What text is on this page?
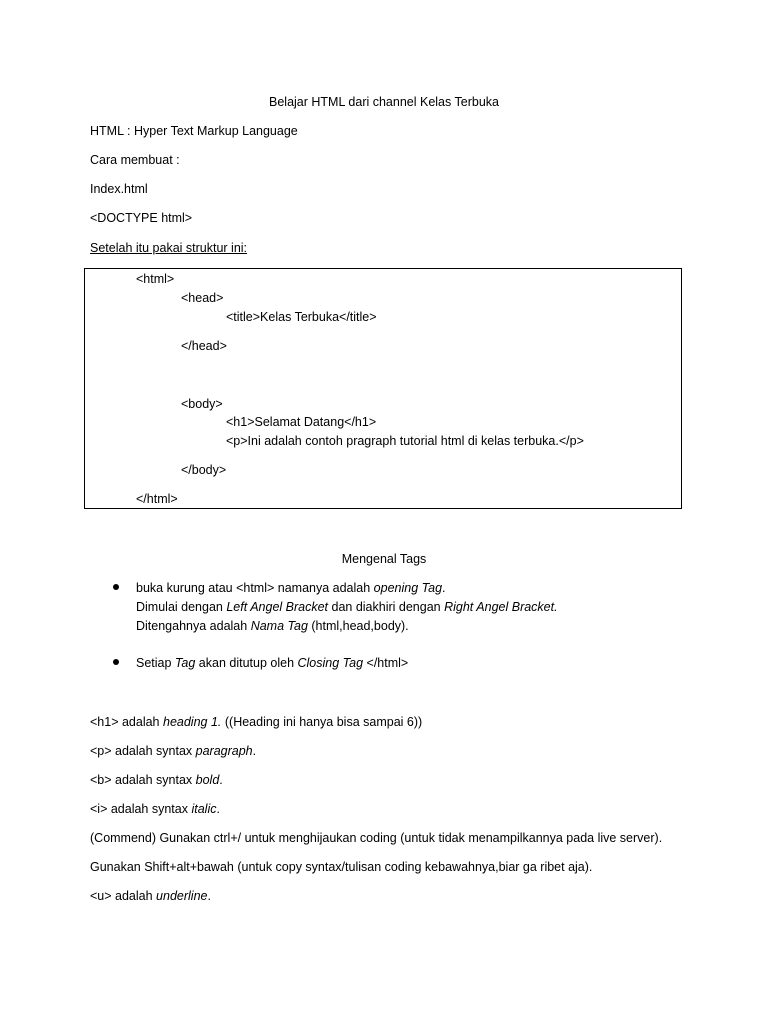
Belajar HTML dari channel Kelas Terbuka
HTML : Hyper Text Markup Language
Cara membuat :
Index.html
<DOCTYPE html>
Setelah itu pakai struktur ini:
<html>
<head>
<title>Kelas Terbuka</title>
</head>
<body>
<h1>Selamat Datang</h1>
<p>Ini adalah contoh pragraph tutorial html di kelas terbuka.</p>
</body>
</html>
Mengenal Tags
buka kurung atau <html> namanya adalah opening Tag.
Dimulai dengan Left Angel Bracket dan diakhiri dengan Right Angel Bracket.
Ditengahnya adalah Nama Tag (html,head,body).
Setiap Tag akan ditutup oleh Closing Tag </html>
<h1> adalah heading 1. ((Heading ini hanya bisa sampai 6))
<p> adalah syntax paragraph.
<b> adalah syntax bold.
<i> adalah syntax italic.
(Commend) Gunakan ctrl+/ untuk menghijaukan coding (untuk tidak menampilkannya pada live server).
Gunakan Shift+alt+bawah (untuk copy syntax/tulisan coding kebawahnya,biar ga ribet aja).
<u> adalah underline.
